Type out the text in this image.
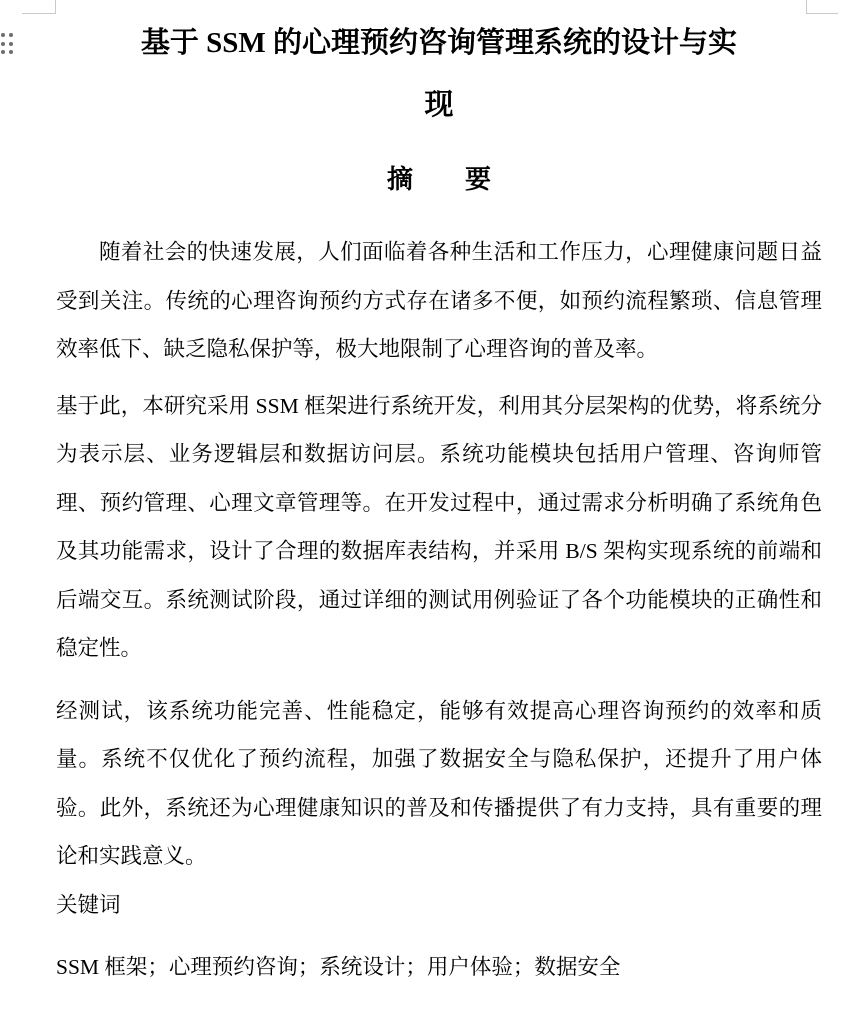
基于 SSM 的心理预约咨询管理系统的设计与实
现
摘　　要

随着社会的快速发展，人们面临着各种生活和工作压力，心理健康问题日益受到关注。传统的心理咨询预约方式存在诸多不便，如预约流程繁琐、信息管理效率低下、缺乏隐私保护等，极大地限制了心理咨询的普及率。

基于此，本研究采用 SSM 框架进行系统开发，利用其分层架构的优势，将系统分为表示层、业务逻辑层和数据访问层。系统功能模块包括用户管理、咨询师管理、预约管理、心理文章管理等。在开发过程中，通过需求分析明确了系统角色及其功能需求，设计了合理的数据库表结构，并采用 B/S 架构实现系统的前端和后端交互。系统测试阶段，通过详细的测试用例验证了各个功能模块的正确性和稳定性。

经测试，该系统功能完善、性能稳定，能够有效提高心理咨询预约的效率和质量。系统不仅优化了预约流程，加强了数据安全与隐私保护，还提升了用户体验。此外，系统还为心理健康知识的普及和传播提供了有力支持，具有重要的理论和实践意义。

关键词

SSM 框架；心理预约咨询；系统设计；用户体验；数据安全
